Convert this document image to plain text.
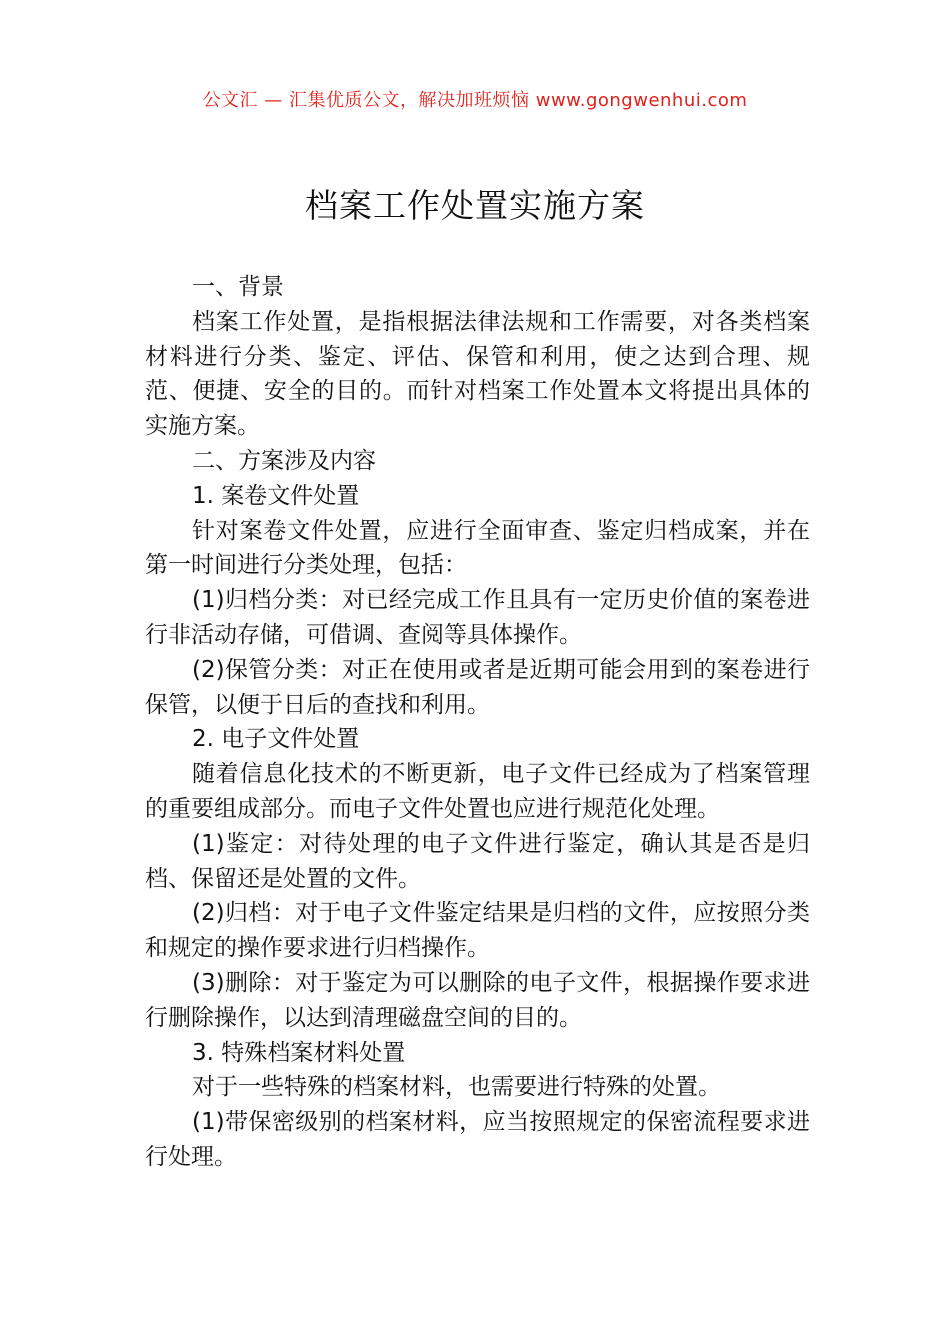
公文汇 — 汇集优质公文，解决加班烦恼 www.gongwenhui.com
档案工作处置实施方案

一、背景

档案工作处置，是指根据法律法规和工作需要，对各类档案材料进行分类、鉴定、评估、保管和利用，使之达到合理、规范、便捷、安全的目的。而针对档案工作处置本文将提出具体的实施方案。

二、方案涉及内容

1. 案卷文件处置

针对案卷文件处置，应进行全面审查、鉴定归档成案，并在第一时间进行分类处理，包括：

(1)归档分类：对已经完成工作且具有一定历史价值的案卷进行非活动存储，可借调、查阅等具体操作。

(2)保管分类：对正在使用或者是近期可能会用到的案卷进行保管，以便于日后的查找和利用。

2. 电子文件处置

随着信息化技术的不断更新，电子文件已经成为了档案管理的重要组成部分。而电子文件处置也应进行规范化处理。

(1)鉴定：对待处理的电子文件进行鉴定，确认其是否是归档、保留还是处置的文件。

(2)归档：对于电子文件鉴定结果是归档的文件，应按照分类和规定的操作要求进行归档操作。

(3)删除：对于鉴定为可以删除的电子文件，根据操作要求进行删除操作，以达到清理磁盘空间的目的。

3. 特殊档案材料处置

对于一些特殊的档案材料，也需要进行特殊的处置。

(1)带保密级别的档案材料，应当按照规定的保密流程要求进行处理。
